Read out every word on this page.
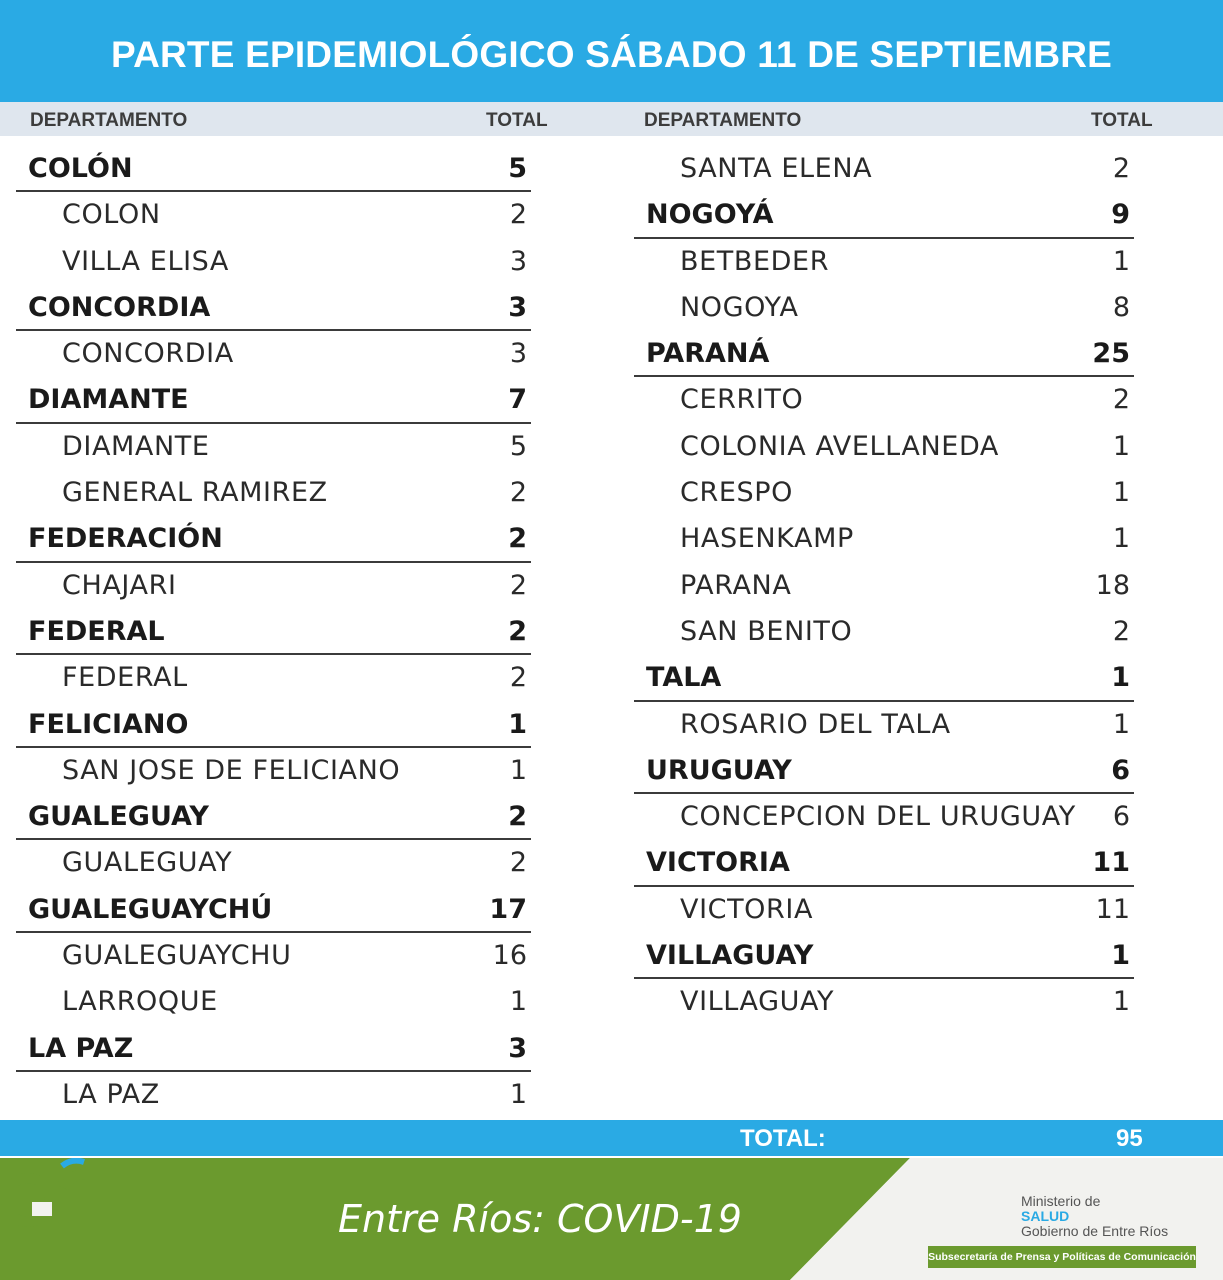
PARTE EPIDEMIOLÓGICO SÁBADO 11 DE SEPTIEMBRE
DEPARTAMENTO	TOTAL	DEPARTAMENTO	TOTAL
COLÓN	5
COLON	2
VILLA ELISA	3
CONCORDIA	3
CONCORDIA	3
DIAMANTE	7
DIAMANTE	5
GENERAL RAMIREZ	2
FEDERACIÓN	2
CHAJARI	2
FEDERAL	2
FEDERAL	2
FELICIANO	1
SAN JOSE DE FELICIANO	1
GUALEGUAY	2
GUALEGUAY	2
GUALEGUAYCHÚ	17
GUALEGUAYCHU	16
LARROQUE	1
LA PAZ	3
LA PAZ	1
SANTA ELENA	2
NOGOYÁ	9
BETBEDER	1
NOGOYA	8
PARANÁ	25
CERRITO	2
COLONIA AVELLANEDA	1
CRESPO	1
HASENKAMP	1
PARANA	18
SAN BENITO	2
TALA	1
ROSARIO DEL TALA	1
URUGUAY	6
CONCEPCION DEL URUGUAY 6
VICTORIA	11
VICTORIA	11
VILLAGUAY	1
VILLAGUAY	1
TOTAL:	95
Entre Ríos: COVID-19	Ministerio de
SALUD
Gobierno de Entre Ríos
Subsecretaría de Prensa y Políticas de Comunicación
